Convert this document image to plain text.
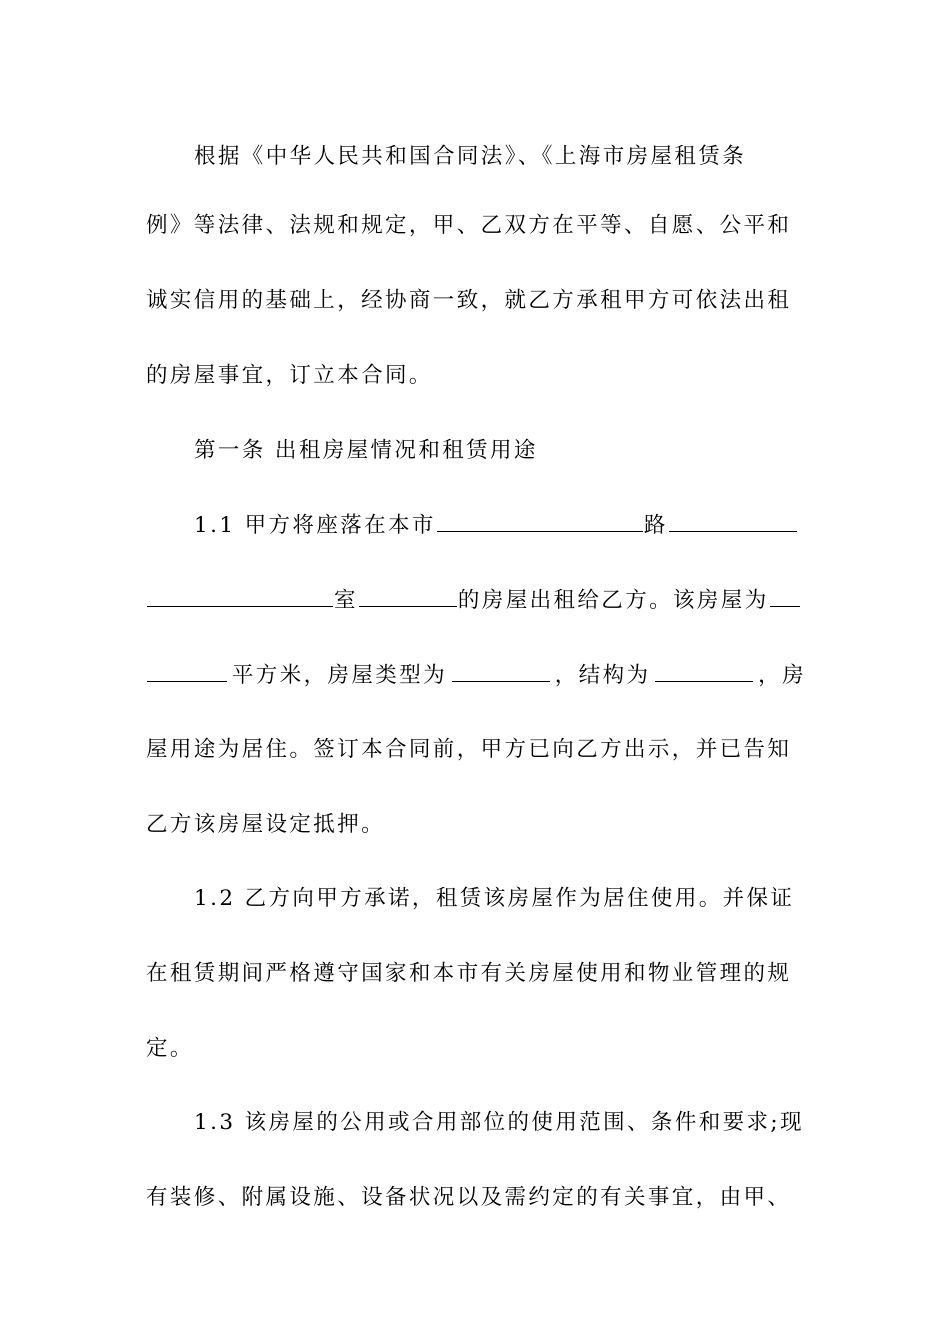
根据《中华人民共和国合同法》、《上海市房屋租赁条
例》等法律、法规和规定，甲、乙双方在平等、自愿、公平和
诚实信用的基础上，经协商一致，就乙方承租甲方可依法出租
的房屋事宜，订立本合同。
第一条 出租房屋情况和租赁用途
1.1 甲方将座落在本市	路
室	的房屋出租给乙方。该房屋为
平方米，房屋类型为	，结构为	，房
屋用途为居住。签订本合同前，甲方已向乙方出示，并已告知
乙方该房屋设定抵押。
1.2 乙方向甲方承诺，租赁该房屋作为居住使用。并保证
在租赁期间严格遵守国家和本市有关房屋使用和物业管理的规
定。
1.3 该房屋的公用或合用部位的使用范围、条件和要求;现
有装修、附属设施、设备状况以及需约定的有关事宜，由甲、
